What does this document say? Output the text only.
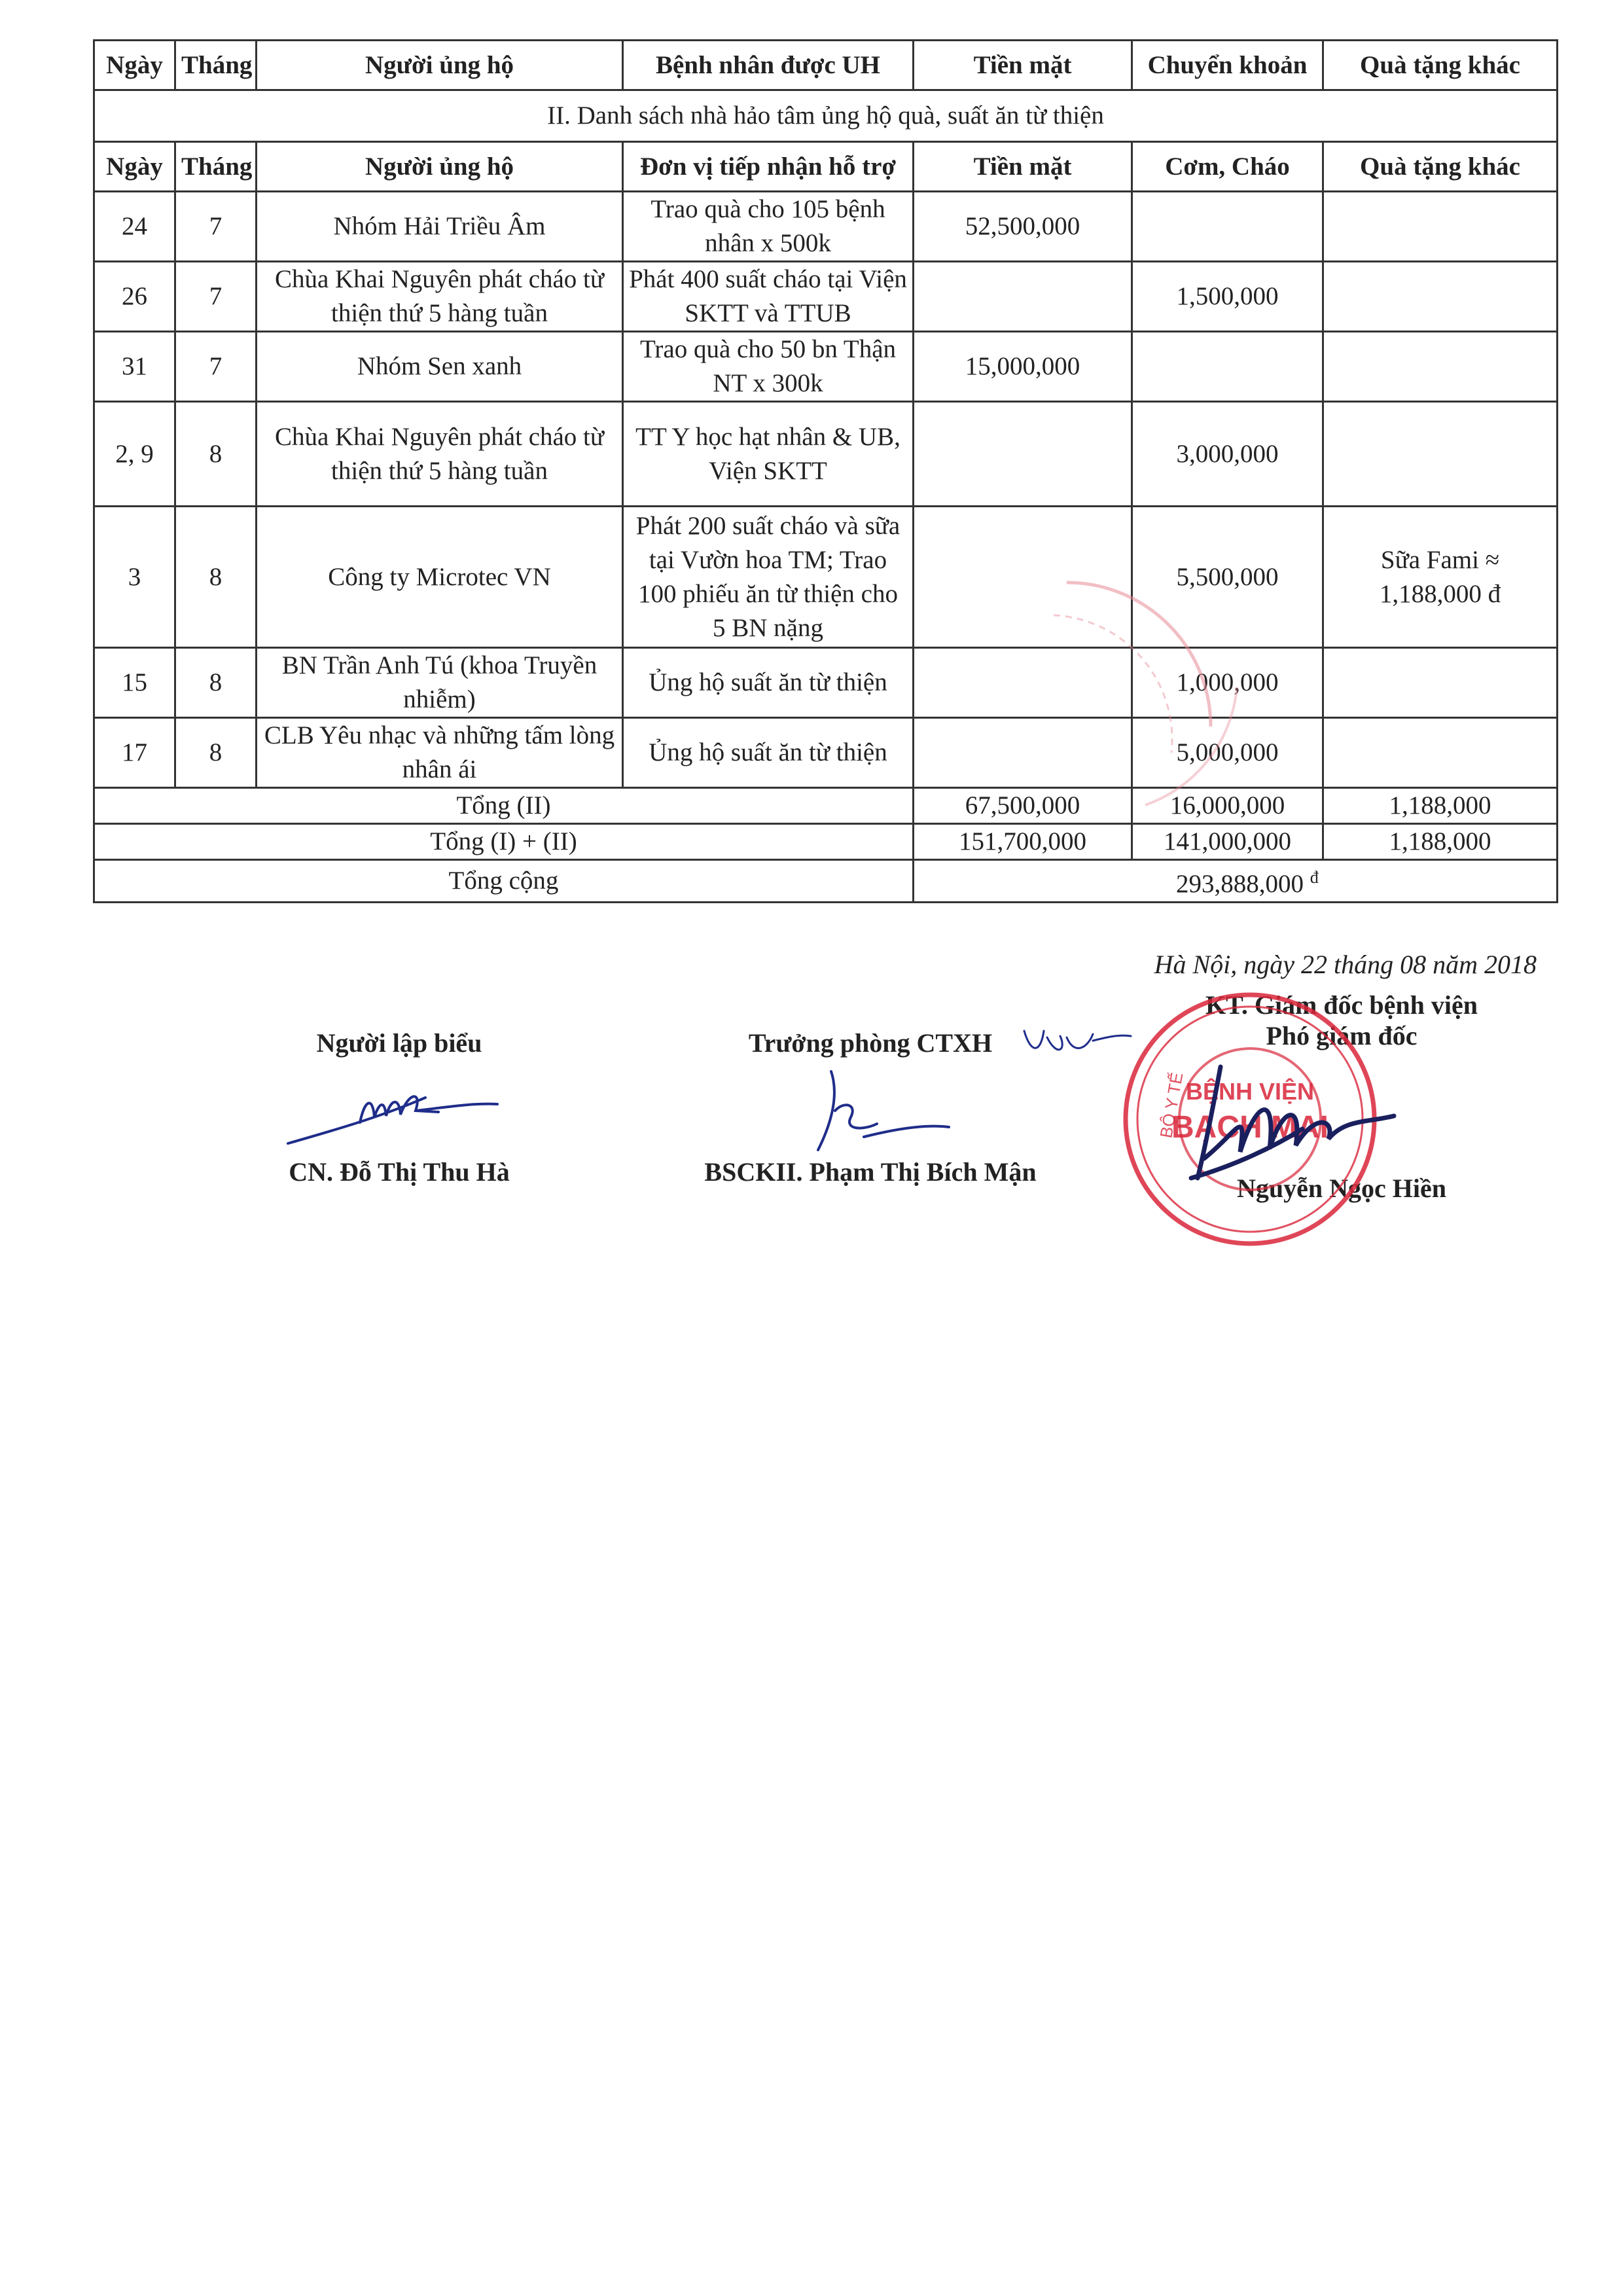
Ngày	Tháng	Người ủng hộ	Bệnh nhân được UH	Tiền mặt	Chuyển khoản	Quà tặng khác
II. Danh sách nhà hảo tâm ủng hộ quà, suất ăn từ thiện						
Ngày	Tháng	Người ủng hộ	Đơn vị tiếp nhận hỗ trợ	Tiền mặt	Cơm, Cháo	Quà tặng khác
24	7	Nhóm Hải Triều Âm	Trao quà cho 105 bệnh nhân x 500k	52,500,000		
26	7	Chùa Khai Nguyên phát cháo từ thiện thứ 5 hàng tuần	Phát 400 suất cháo tại Viện SKTT và TTUB		1,500,000	
31	7	Nhóm Sen xanh	Trao quà cho 50 bn Thận NT x 300k	15,000,000		
2, 9	8	Chùa Khai Nguyên phát cháo từ thiện thứ 5 hàng tuần	TT Y học hạt nhân & UB, Viện SKTT		3,000,000	
3	8	Công ty Microtec VN	Phát 200 suất cháo và sữa tại Vườn hoa TM; Trao 100 phiếu ăn từ thiện cho 5 BN nặng		5,500,000	Sữa Fami ≈ 1,188,000 đ
15	8	BN Trần Anh Tú (khoa Truyền nhiễm)	Ủng hộ suất ăn từ thiện		1,000,000	
17	8	CLB Yêu nhạc và những tấm lòng nhân ái	Ủng hộ suất ăn từ thiện		5,000,000	
Tổng (II)				67,500,000	16,000,000	1,188,000
Tổng (I) + (II)				151,700,000	141,000,000	1,188,000
Tổng cộng				293,888,000 $^đ$
Hà Nội, ngày 22 tháng 08 năm 2018
Người lập biểu
CN. Đỗ Thị Thu Hà
Trưởng phòng CTXH
BSCKII. Phạm Thị Bích Mận
KT. Giám đốc bệnh viện
Phó giám đốc
Nguyễn Ngọc Hiền
BỘ Y TẾ
BỆNH VIỆN
BẠCH MAI
